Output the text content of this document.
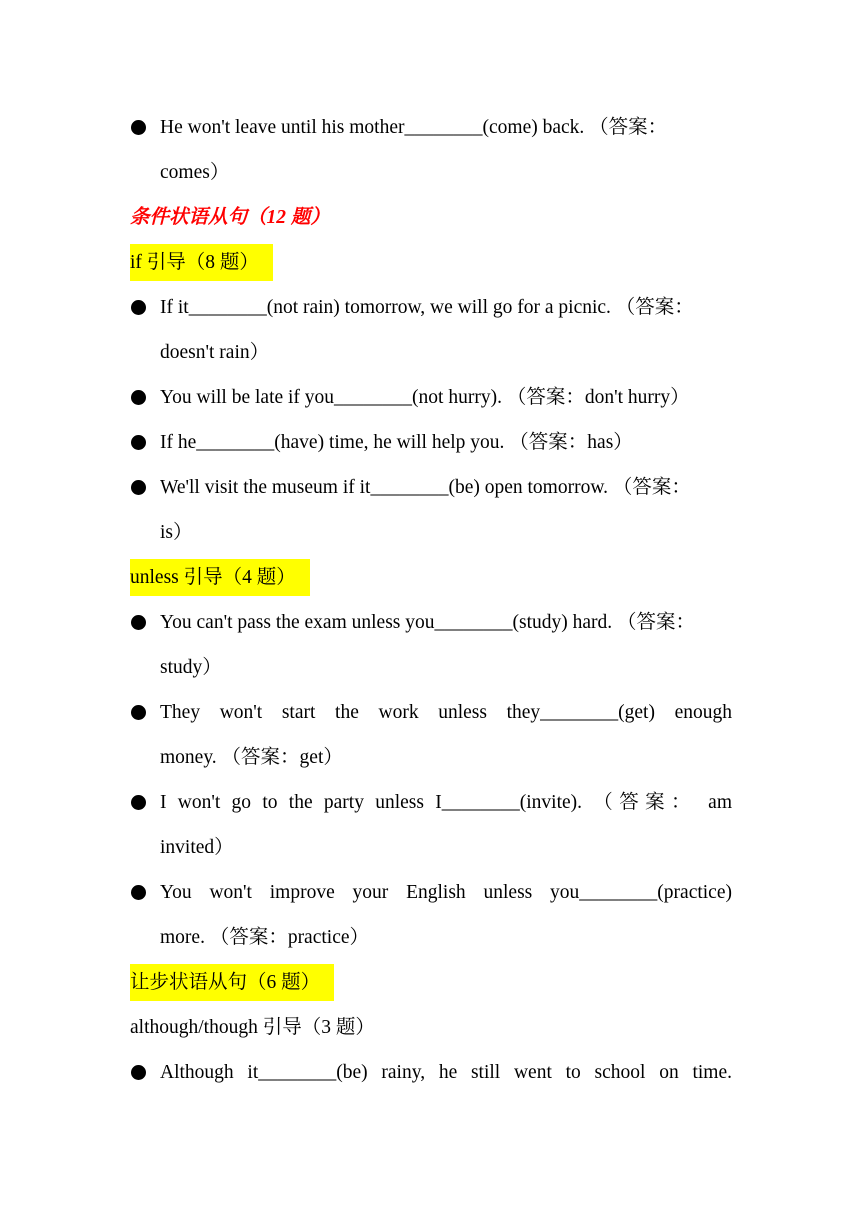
He won't leave until his mother________(come) back. （答案：
comes）
条件状语从句（12 题）
if 引导（8 题）
If it________(not rain) tomorrow, we will go for a picnic. （答案：
doesn't rain）
You will be late if you________(not hurry). （答案：don't hurry）
If he________(have) time, he will help you. （答案：has）
We'll visit the museum if it________(be) open tomorrow. （答案：
is）
unless 引导（4 题）
You can't pass the exam unless you________(study) hard. （答案：
study）
They won't start the work unless they________(get) enough
money. （答案：get）
I won't go to the party unless I________(invite). （答案： am
invited）
You won't improve your English unless you________(practice)
more. （答案：practice）
让步状语从句（6 题）
although/though 引导（3 题）
Although it________(be) rainy, he still went to school on time.
